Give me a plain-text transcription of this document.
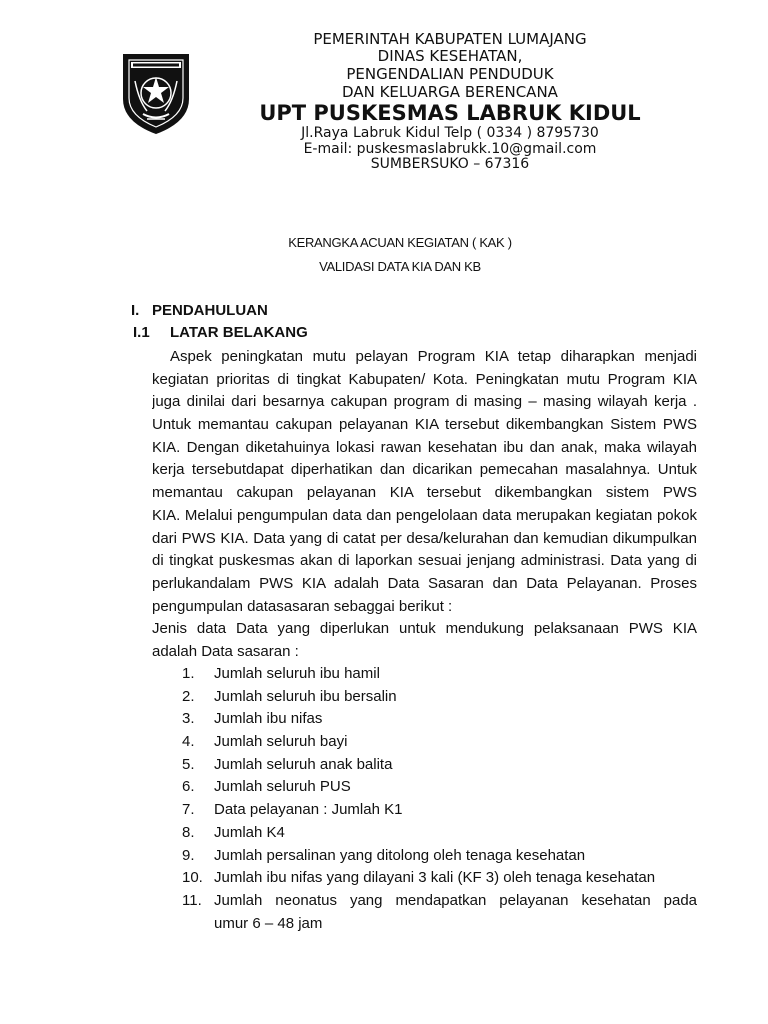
PEMERINTAH KABUPATEN LUMAJANG
DINAS KESEHATAN,
PENGENDALIAN PENDUDUK
DAN KELUARGA BERENCANA
UPT PUSKESMAS LABRUK KIDUL
Jl.Raya Labruk Kidul Telp ( 0334 ) 8795730
E-mail: puskesmaslabrukk.10@gmail.com
SUMBERSUKO – 67316
KERANGKA ACUAN KEGIATAN ( KAK )
VALIDASI DATA KIA DAN KB
I. PENDAHULUAN
I.1 LATAR BELAKANG
Aspek peningkatan mutu pelayan Program KIA tetap diharapkan menjadi
kegiatan prioritas di tingkat Kabupaten/ Kota. Peningkatan mutu Program KIA
juga dinilai dari besarnya cakupan program di masing – masing wilayah kerja .
Untuk memantau cakupan pelayanan KIA tersebut dikembangkan Sistem PWS
KIA. Dengan diketahuinya lokasi rawan kesehatan ibu dan anak, maka wilayah
kerja tersebutdapat diperhatikan dan dicarikan pemecahan masalahnya. Untuk
memantau cakupan pelayanan KIA tersebut dikembangkan sistem PWS
KIA. Melalui pengumpulan data dan pengelolaan data merupakan kegiatan pokok
dari PWS KIA. Data yang di catat per desa/kelurahan dan kemudian dikumpulkan
di tingkat puskesmas akan di laporkan sesuai jenjang administrasi. Data yang di
perlukandalam PWS KIA adalah Data Sasaran dan Data Pelayanan. Proses
pengumpulan datasasaran sebaggai berikut :
Jenis data Data yang diperlukan untuk mendukung pelaksanaan PWS KIA
adalah Data sasaran :
1.	Jumlah seluruh ibu hamil
2.	Jumlah seluruh ibu bersalin
3.	Jumlah ibu nifas
4.	Jumlah seluruh bayi
5.	Jumlah seluruh anak balita
6.	Jumlah seluruh PUS
7.	Data pelayanan : Jumlah K1
8.	Jumlah K4
9.	Jumlah persalinan yang ditolong oleh tenaga kesehatan
10. Jumlah ibu nifas yang dilayani 3 kali (KF 3) oleh tenaga kesehatan
11. Jumlah neonatus yang mendapatkan pelayanan kesehatan pada
umur 6 – 48 jam
